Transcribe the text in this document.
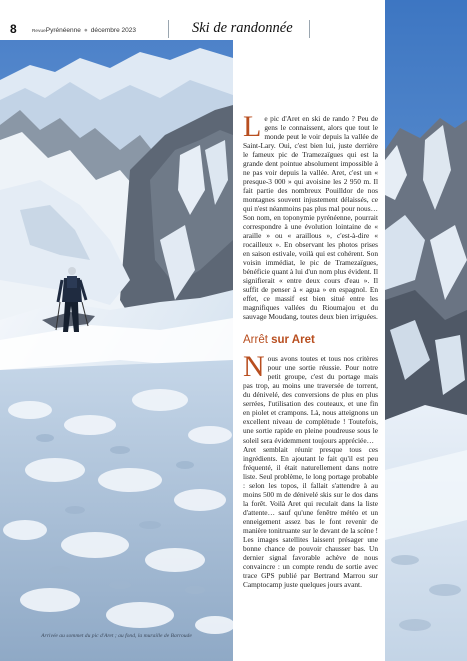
Arrivée au sommet du pic d'Aret ; au fond, la muraille de Barroude
8	RevuePyrénéenne ● décembre 2023	Ski de randonnée

Le pic d'Aret en ski de rando ? Peu de gens le connaissent, alors que tout le monde peut le voir depuis la vallée de Saint-Lary. Oui, c'est bien lui, juste derrière le fameux pic de Tramezaïgues qui est la grande dent pointue absolument impossible à ne pas voir depuis la vallée. Aret, c'est un « presque-3 000 » qui avoisine les 2 950 m. Il fait partie des nombreux Pouilldor de nos montagnes souvent injustement délaissés, ce qui n'est néanmoins pas plus mal pour nous…

Son nom, en toponymie pyrénéenne, pourrait correspondre à une évolution lointaine de « araille » ou « araillous », c'est-à-dire « rocailleux ». En observant les photos prises en saison estivale, voilà qui est cohérent. Son voisin immédiat, le pic de Tramezaïgues, bénéficie quant à lui d'un nom plus évident. Il signifierait « entre deux cours d'eau ». Il suffit de penser à « agua » en espagnol. En effet, ce massif est bien situé entre les magnifiques vallées du Rioumajou et du sauvage Moudang, toutes deux bien irriguées.

Arrêt sur Aret

Nous avons toutes et tous nos critères pour une sortie réussie. Pour notre petit groupe, c'est du portage mais pas trop, au moins une traversée de torrent, du dénivelé, des conversions de plus en plus serrées, l'utilisation des couteaux, et une fin en piolet et crampons. Là, nous atteignons un excellent niveau de complétude ! Toutefois, une sortie rapide en pleine poudreuse sous le soleil sera évidemment toujours appréciée…

Aret semblait réunir presque tous ces ingrédients. En ajoutant le fait qu'il est peu fréquenté, il était naturellement dans notre liste. Seul problème, le long portage probable : selon les topos, il fallait s'attendre à au moins 500 m de dénivelé skis sur le dos dans la forêt. Voilà Aret qui reculait dans la liste d'attente… sauf qu'une fenêtre météo et un enneigement assez bas le font revenir de manière tonitruante sur le devant de la scène ! Les images satellites laissent présager une bonne chance de pouvoir chausser bas. Un dernier signal favorable achève de nous convaincre : un compte rendu de sortie avec trace GPS publié par Bertrand Marrou sur Camptocamp juste quelques jours avant.
